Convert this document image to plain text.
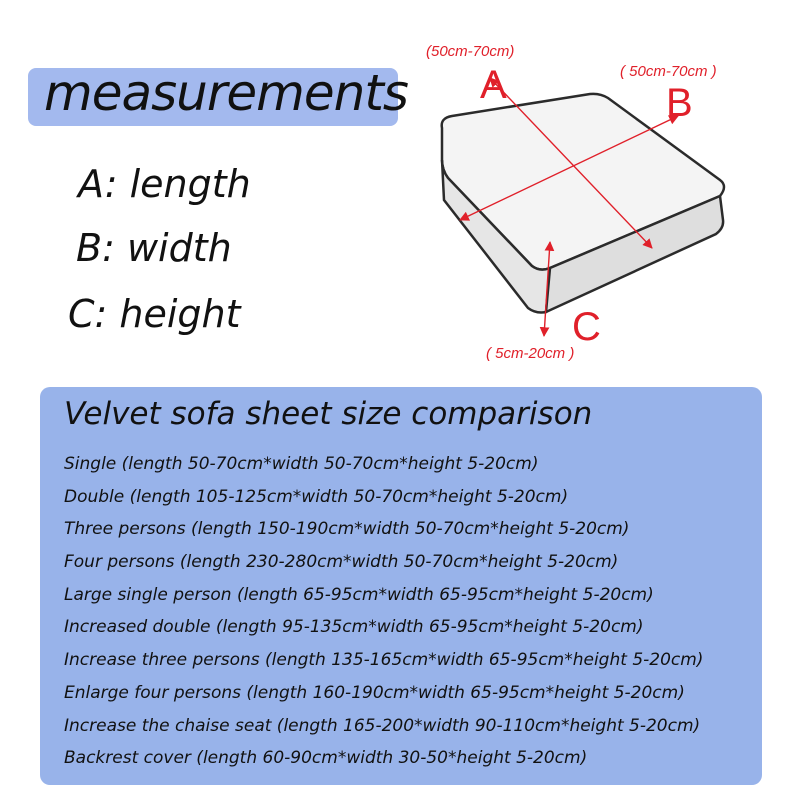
measurements
A: length
B: width
C: height
(50cm-70cm)
A	( 50cm-70cm )
B
C
( 5cm-20cm )
Velvet sofa sheet size comparison
Single (length 50-70cm*width 50-70cm*height 5-20cm)
Double (length 105-125cm*width 50-70cm*height 5-20cm)
Three persons (length 150-190cm*width 50-70cm*height 5-20cm)
Four persons (length 230-280cm*width 50-70cm*height 5-20cm)
Large single person (length 65-95cm*width 65-95cm*height 5-20cm)
Increased double (length 95-135cm*width 65-95cm*height 5-20cm)
Increase three persons (length 135-165cm*width 65-95cm*height 5-20cm)
Enlarge four persons (length 160-190cm*width 65-95cm*height 5-20cm)
Increase the chaise seat (length 165-200*width 90-110cm*height 5-20cm)
Backrest cover (length 60-90cm*width 30-50*height 5-20cm)
